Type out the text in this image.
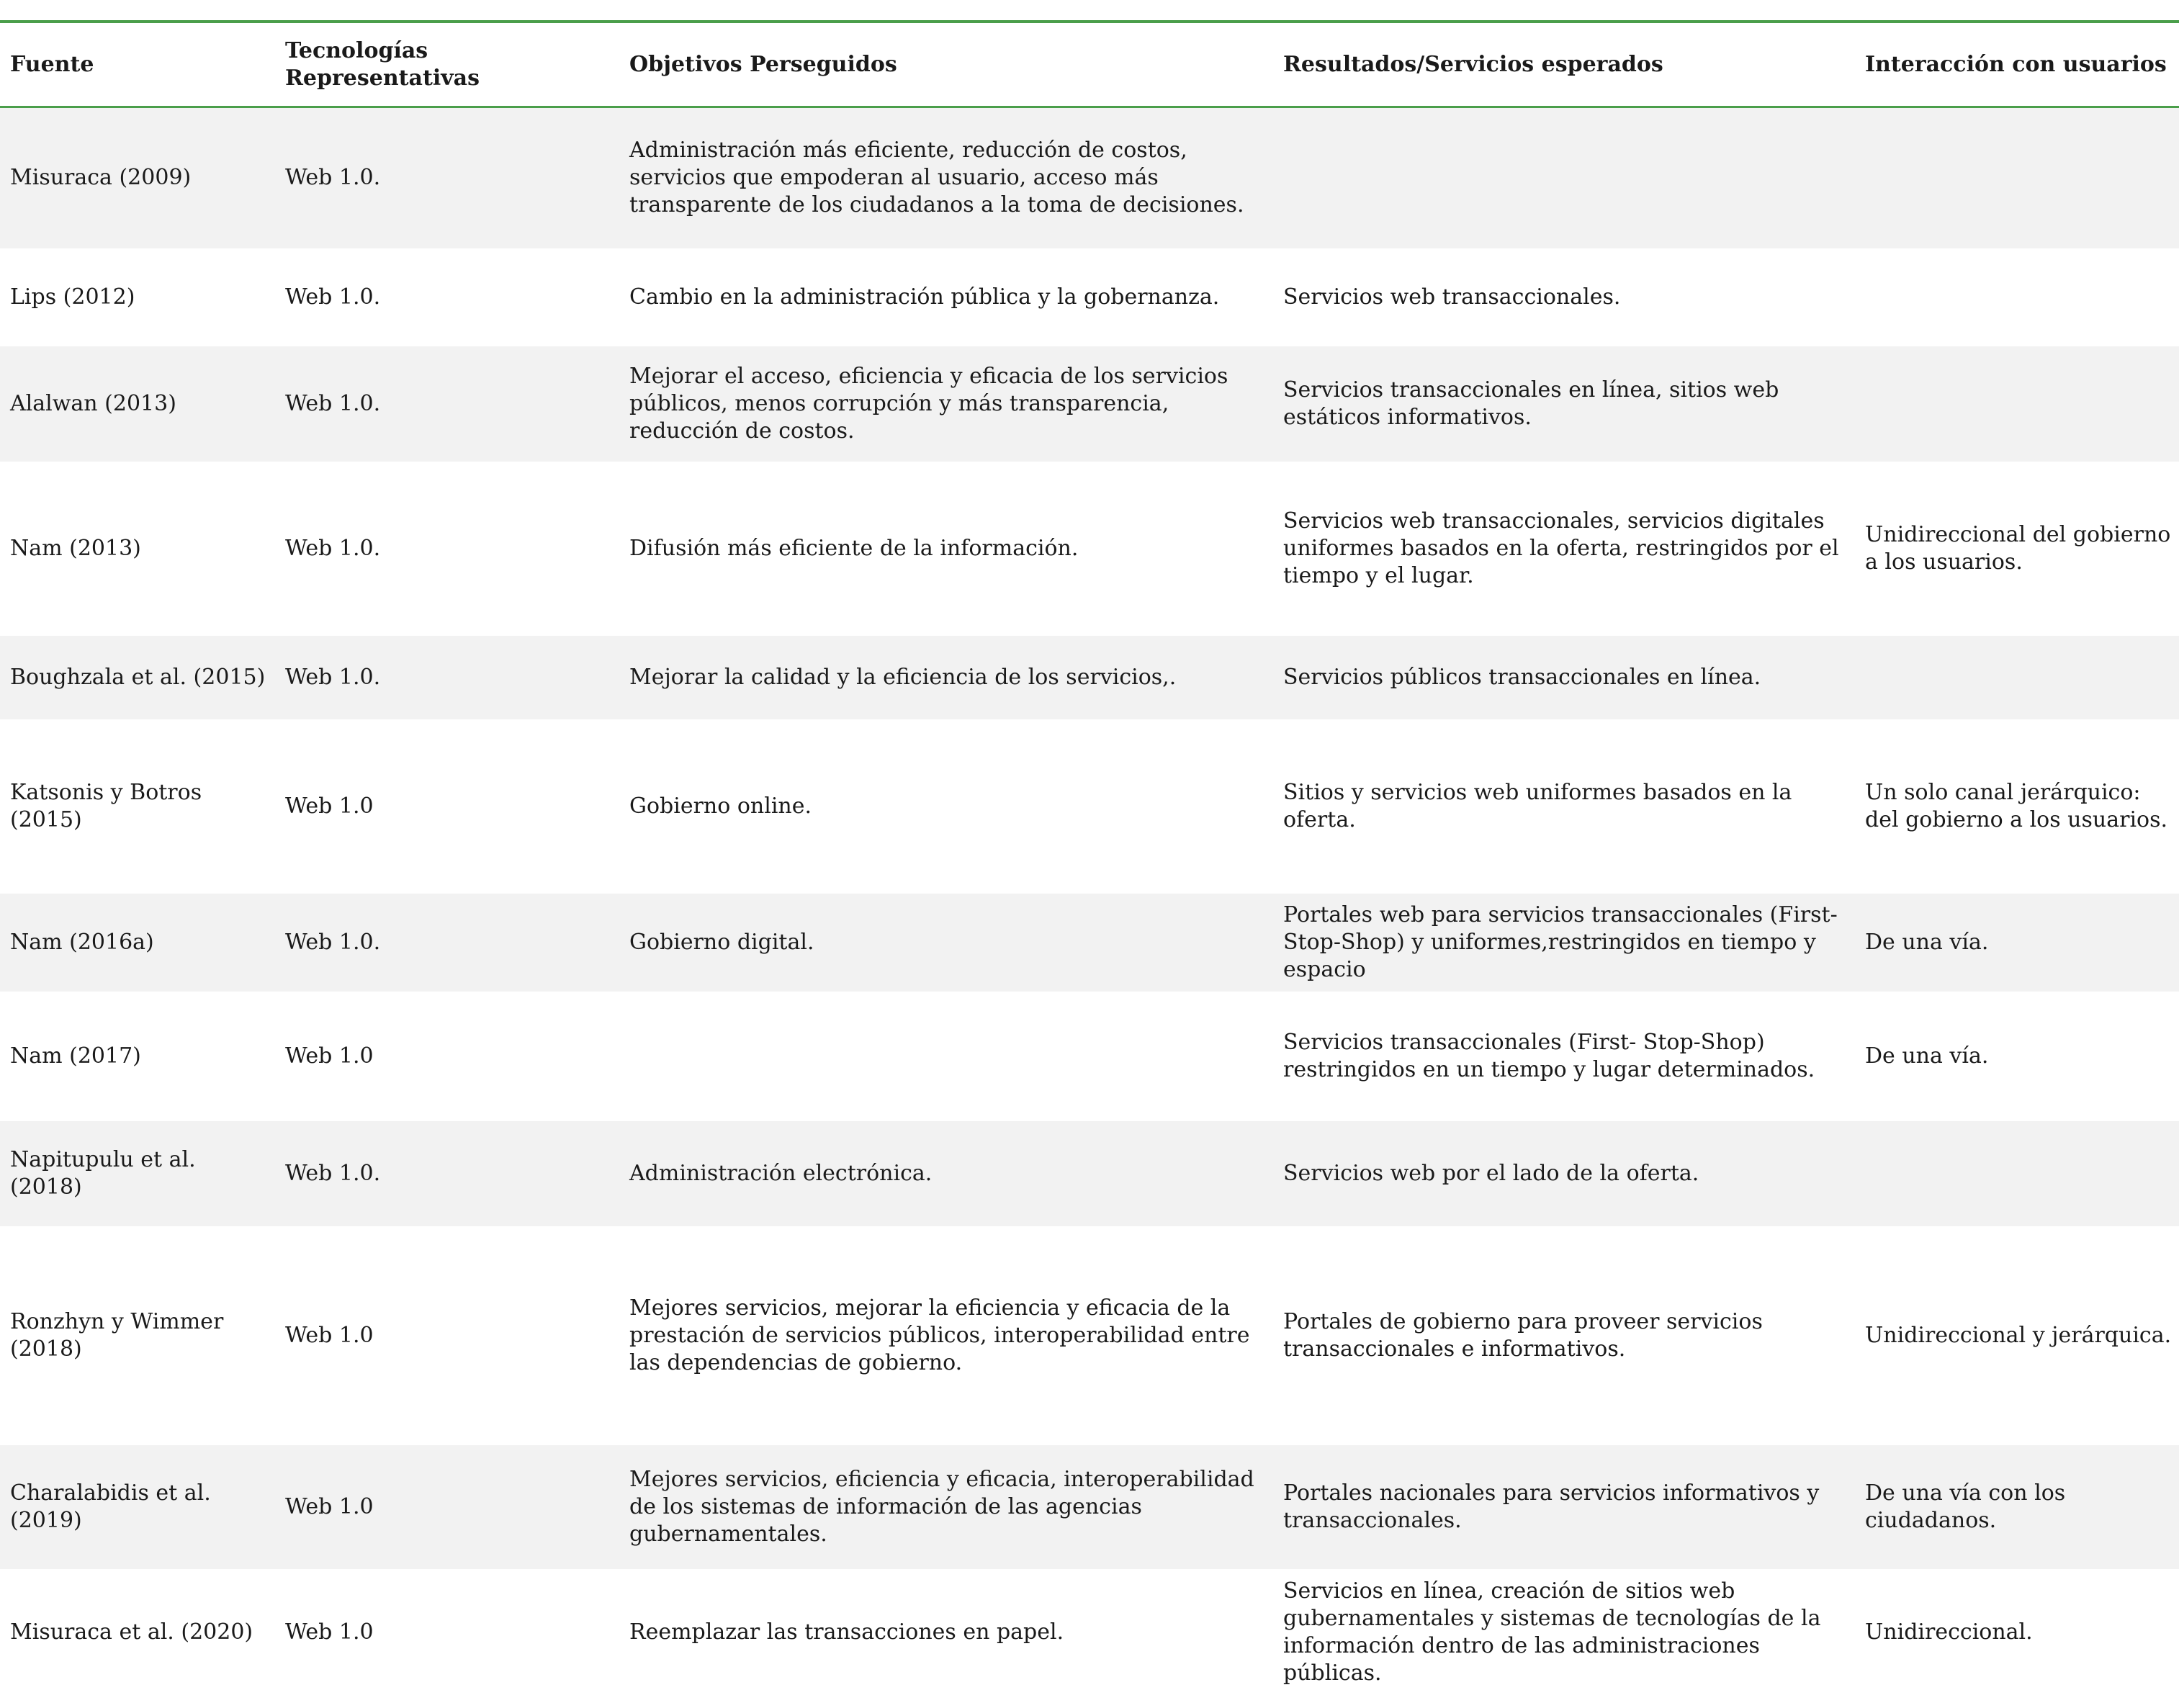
Fuente	Tecnologías Representativas	Objetivos Perseguidos	Resultados/Servicios esperados	Interacción con usuarios
Misuraca (2009)	Web 1.0.	Administración más eficiente, reducción de costos, servicios que empoderan al usuario, acceso más transparente de los ciudadanos a la toma de decisiones.		
Lips (2012)	Web 1.0.	Cambio en la administración pública y la gobernanza.	Servicios web transaccionales.	
Alalwan (2013)	Web 1.0.	Mejorar el acceso, eficiencia y eficacia de los servicios públicos, menos corrupción y más transparencia, reducción de costos.	Servicios transaccionales en línea, sitios web estáticos informativos.	
Nam (2013)	Web 1.0.	Difusión más eficiente de la información.	Servicios web transaccionales, servicios digitales uniformes basados en la oferta, restringidos por el tiempo y el lugar.	Unidireccional del gobierno a los usuarios.
Boughzala et al. (2015)	Web 1.0.	Mejorar la calidad y la eficiencia de los servicios,.	Servicios públicos transaccionales en línea.	
Katsonis y Botros (2015)	Web 1.0	Gobierno online.	Sitios y servicios web uniformes basados en la oferta.	Un solo canal jerárquico: del gobierno a los usuarios.
Nam (2016a)	Web 1.0.	Gobierno digital.	Portales web para servicios transaccionales (First-Stop-Shop) y uniformes,restringidos en tiempo y espacio	De una vía.
Nam (2017)	Web 1.0		Servicios transaccionales (First- Stop-Shop) restringidos en un tiempo y lugar determinados.	De una vía.
Napitupulu et al. (2018)	Web 1.0.	Administración electrónica.	Servicios web por el lado de la oferta.	
Ronzhyn y Wimmer (2018)	Web 1.0	Mejores servicios, mejorar la eficiencia y eficacia de la prestación de servicios públicos, interoperabilidad entre las dependencias de gobierno.	Portales de gobierno para proveer servicios transaccionales e informativos.	Unidireccional y jerárquica.
Charalabidis et al. (2019)	Web 1.0	Mejores servicios, eficiencia y eficacia, interoperabilidad de los sistemas de información de las agencias gubernamentales.	Portales nacionales para servicios informativos y transaccionales.	De una vía con los ciudadanos.
Misuraca et al. (2020)	Web 1.0	Reemplazar las transacciones en papel.	Servicios en línea, creación de sitios web gubernamentales y sistemas de tecnologías de la información dentro de las administraciones públicas.	Unidireccional.
